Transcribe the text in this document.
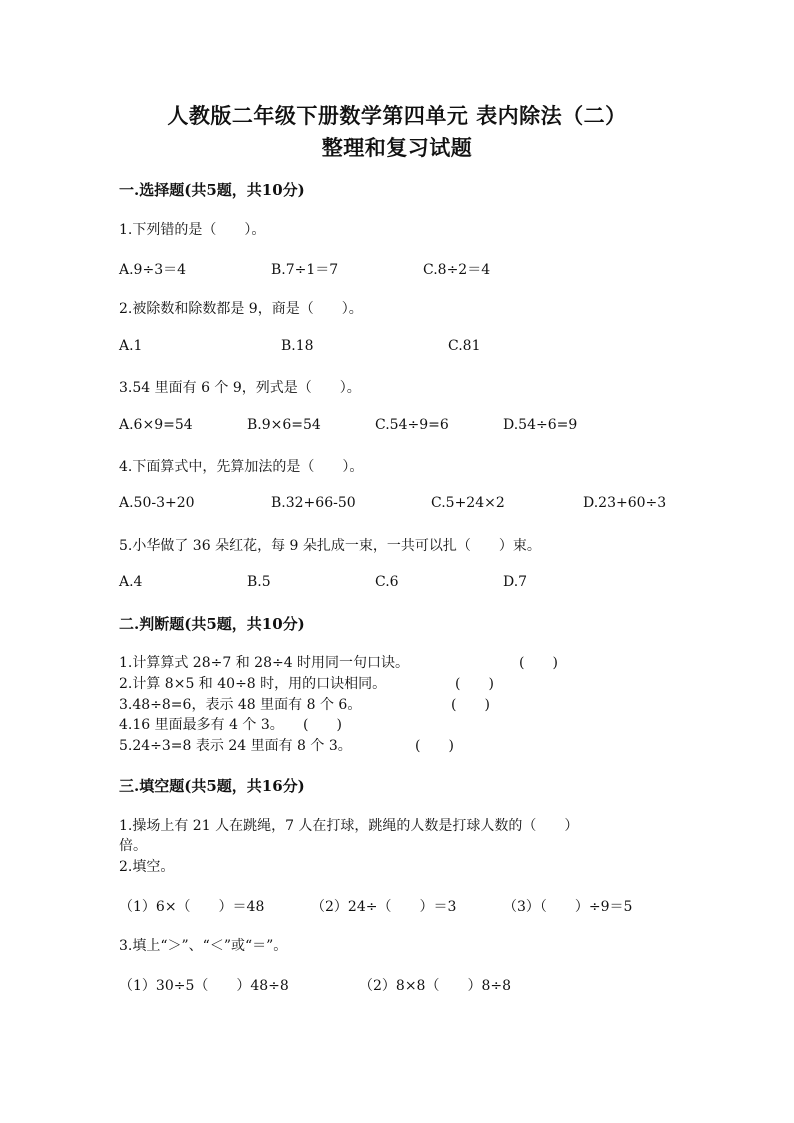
人教版二年级下册数学第四单元 表内除法（二）
整理和复习试题
一.选择题(共5题，共10分)
1.下列错的是（　　）。
A.9÷3＝4	B.7÷1＝7	C.8÷2＝4
2.被除数和除数都是 9，商是（　　）。
A.1	B.18	C.81
3.54 里面有 6 个 9，列式是（　　）。
A.6×9=54	B.9×6=54	C.54÷9=6	D.54÷6=9
4.下面算式中，先算加法的是（　　）。
A.50-3+20	B.32+66-50	C.5+24×2	D.23+60÷3
5.小华做了 36 朵红花，每 9 朵扎成一束，一共可以扎（　　）束。
A.4	B.5	C.6	D.7
二.判断题(共5题，共10分)
1.计算算式 28÷7 和 28÷4 时用同一句口诀。	(　　)
2.计算 8×5 和 40÷8 时，用的口诀相同。	(　　)
3.48÷8=6，表示 48 里面有 8 个 6。	(　　)
4.16 里面最多有 4 个 3。 (　　)
5.24÷3=8 表示 24 里面有 8 个 3。	(　　)
三.填空题(共5题，共16分)
1.操场上有 21 人在跳绳，7 人在打球，跳绳的人数是打球人数的（　　）
倍。
2.填空。
（1）6×（　　）＝48	（2）24÷（　　）＝3	（3）（　　）÷9＝5
3.填上“＞”、“＜”或“＝”。
（1）30÷5（　　）48÷8	（2）8×8（　　）8÷8
